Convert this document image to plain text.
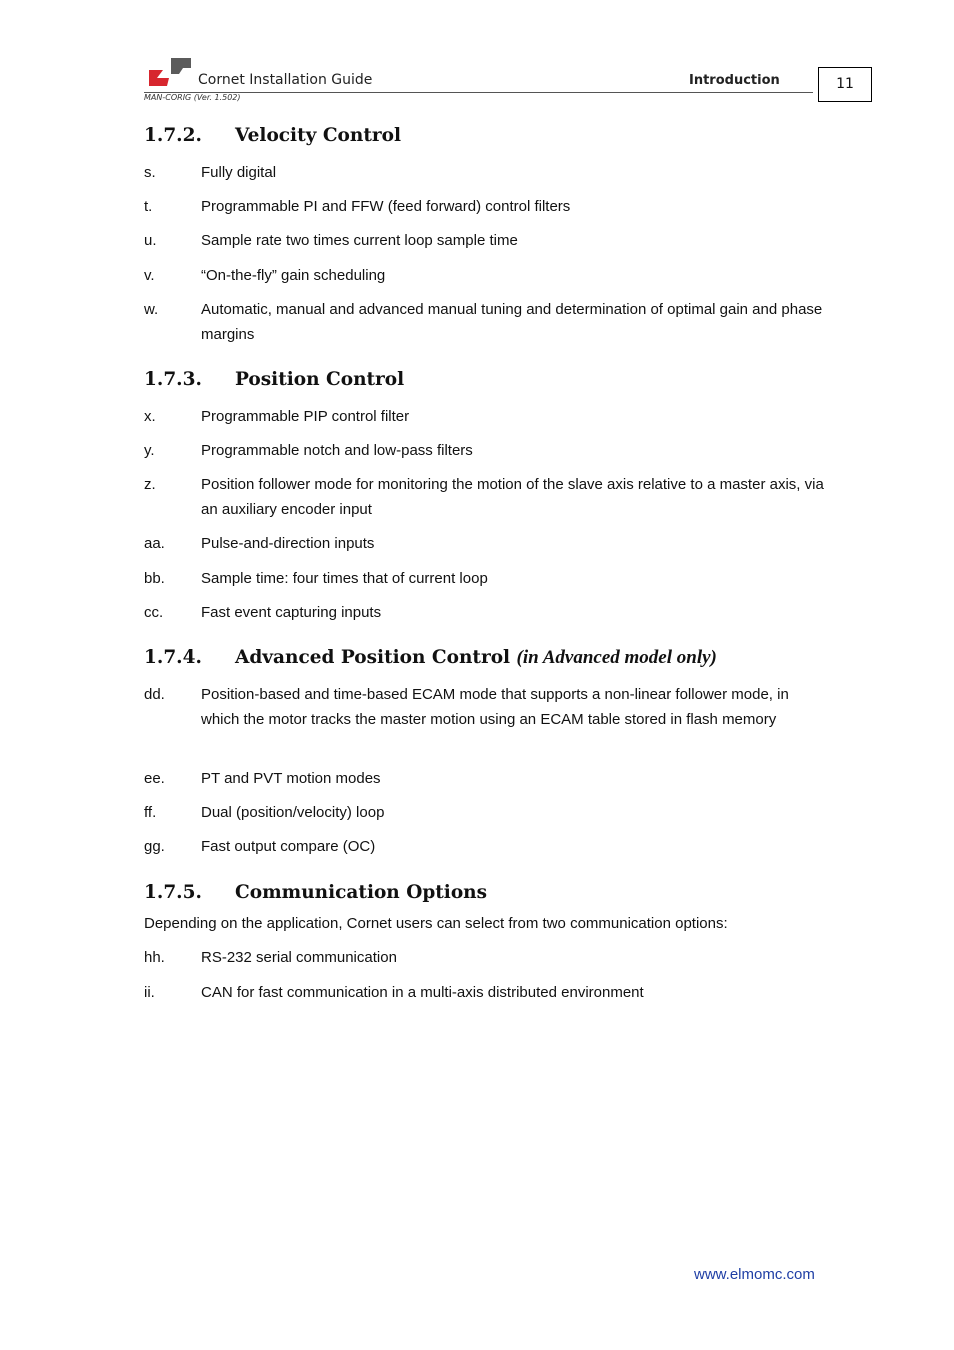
Cornet Installation Guide	Introduction
MAN-CORIG (Ver. 1.502)
11
1.7.2. Velocity Control
s.	Fully digital
t.	Programmable PI and FFW (feed forward) control filters
u.	Sample rate two times current loop sample time
v.	“On-the-fly” gain scheduling
w.	Automatic, manual and advanced manual tuning and determination of optimal gain and phase margins
1.7.3. Position Control
x.	Programmable PIP control filter
y.	Programmable notch and low-pass filters
z.	Position follower mode for monitoring the motion of the slave axis relative to a master axis, via an auxiliary encoder input
aa. Pulse-and-direction inputs
bb. Sample time: four times that of current loop
cc.	Fast event capturing inputs
1.7.4. Advanced Position Control (in Advanced model only)
dd. Position-based and time-based ECAM mode that supports a non-linear follower mode, in which the motor tracks the master motion using an ECAM table stored in flash memory
ee. PT and PVT motion modes
ff.	Dual (position/velocity) loop
gg. Fast output compare (OC)
1.7.5. Communication Options
Depending on the application, Cornet users can select from two communication options:
hh. RS-232 serial communication
ii.	CAN for fast communication in a multi-axis distributed environment
www.elmomc.com
